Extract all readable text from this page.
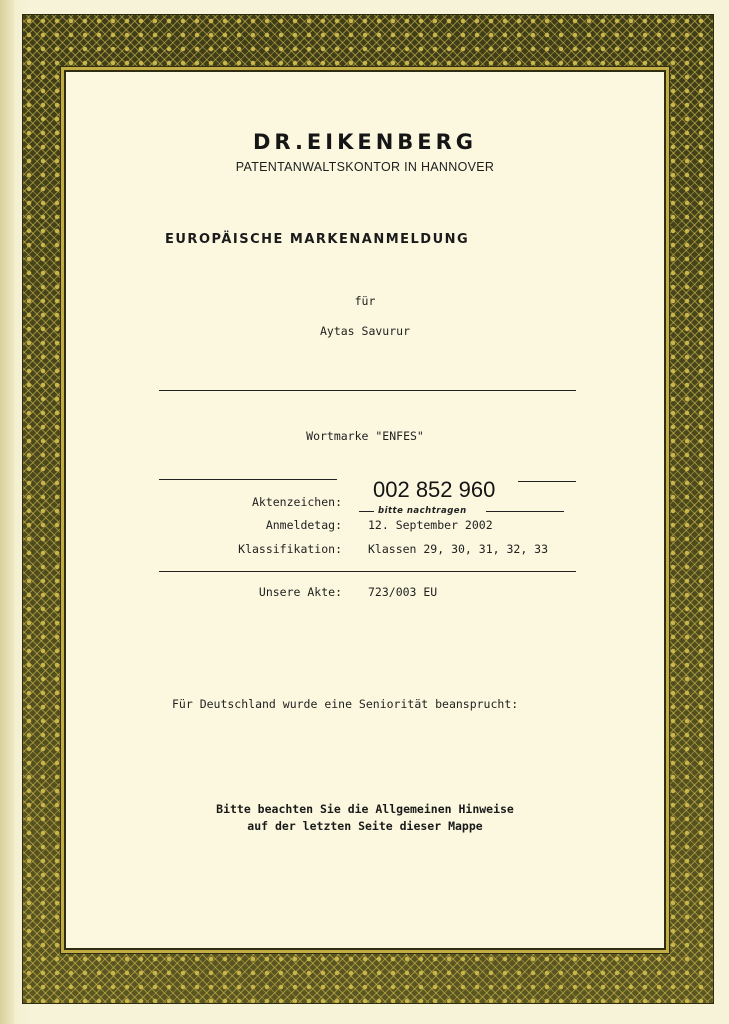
DR.EIKENBERG
PATENTANWALTSKONTOR IN HANNOVER
EUROPÄISCHE MARKENANMELDUNG
für
Aytas Savurur
Wortmarke "ENFES"
002 852 960
bitte nachtragen
Aktenzeichen:
Anmeldetag: 12. September 2002
Klassifikation: Klassen 29, 30, 31, 32, 33
Unsere Akte: 723/003 EU
Für Deutschland wurde eine Seniorität beansprucht:
Bitte beachten Sie die Allgemeinen Hinweise
auf der letzten Seite dieser Mappe
